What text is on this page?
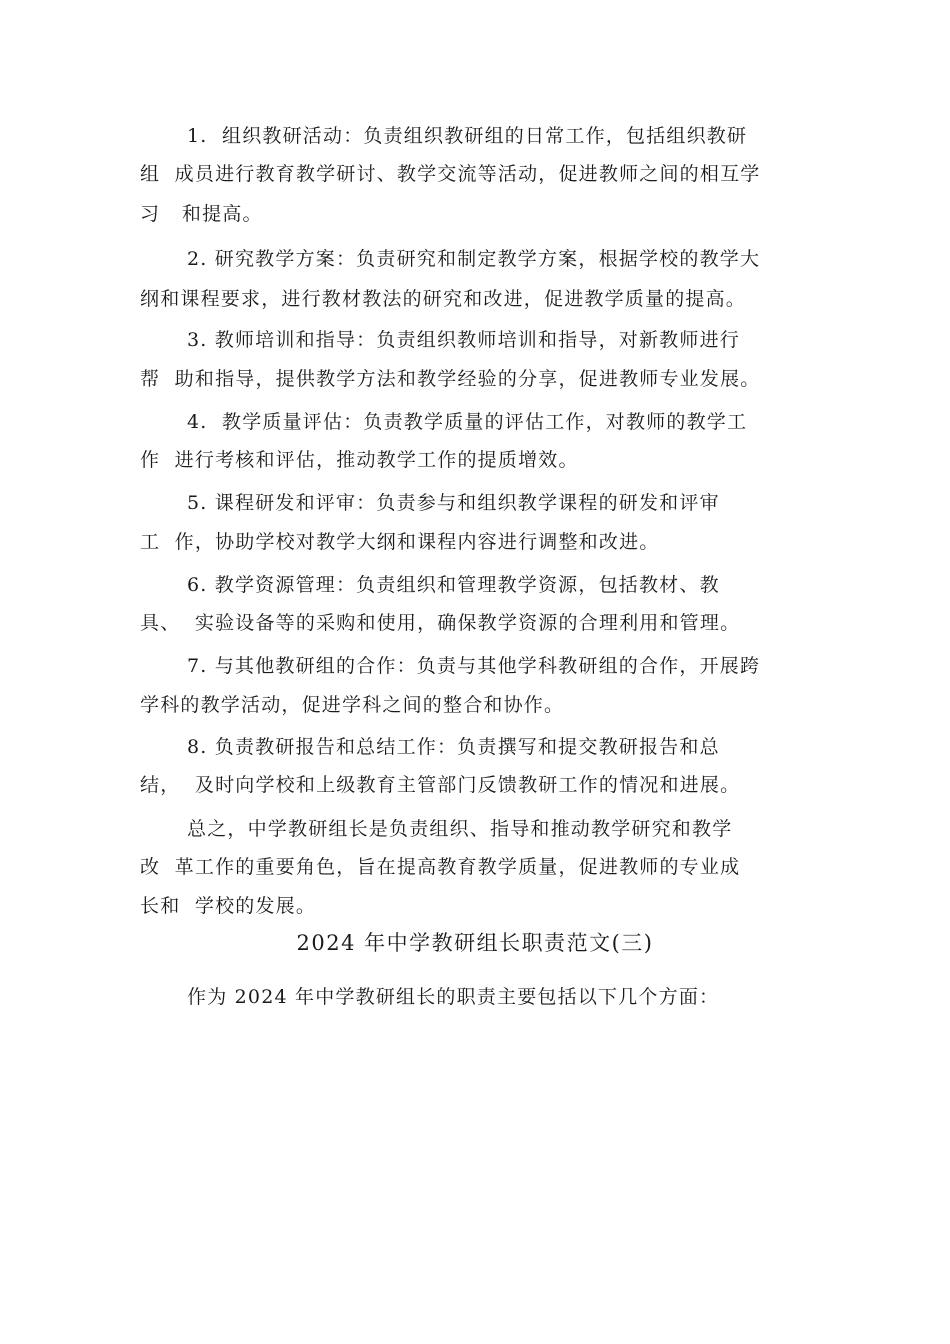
1.  组织教研活动：负责组织教研组的日常工作，包括组织教研
组  成员进行教育教学研讨、教学交流等活动，促进教师之间的相互学
习   和提高。
2. 研究教学方案：负责研究和制定教学方案，根据学校的教学大
纲和课程要求，进行教材教法的研究和改进，促进教学质量的提高。
3. 教师培训和指导：负责组织教师培训和指导，对新教师进行
帮  助和指导，提供教学方法和教学经验的分享，促进教师专业发展。
4.  教学质量评估：负责教学质量的评估工作，对教师的教学工
作  进行考核和评估，推动教学工作的提质增效。
5. 课程研发和评审：负责参与和组织教学课程的研发和评审
工  作，协助学校对教学大纲和课程内容进行调整和改进。
6. 教学资源管理：负责组织和管理教学资源，包括教材、教
具、  实验设备等的采购和使用，确保教学资源的合理利用和管理。
7. 与其他教研组的合作：负责与其他学科教研组的合作，开展跨
学科的教学活动，促进学科之间的整合和协作。
8. 负责教研报告和总结工作：负责撰写和提交教研报告和总
结，  及时向学校和上级教育主管部门反馈教研工作的情况和进展。
总之，中学教研组长是负责组织、指导和推动教学研究和教学
改  革工作的重要角色，旨在提高教育教学质量，促进教师的专业成
长和  学校的发展。
2024 年中学教研组长职责范文(三)
作为 2024 年中学教研组长的职责主要包括以下几个方面：
